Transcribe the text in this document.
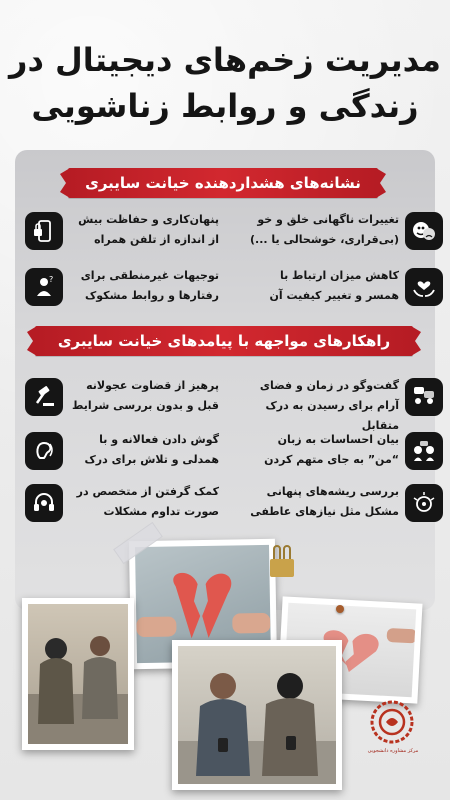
مدیریت زخم‌های دیجیتال در
زندگی و روابط زناشویی
نشانه‌های هشداردهنده خیانت سایبری
تغییرات ناگهانی خلق و خو (بی‌قراری، خوشحالی یا ...)
پنهان‌کاری و حفاظت بیش از اندازه از تلفن همراه
کاهش میزان ارتباط با همسر و تغییر کیفیت آن
?	توجیهات غیرمنطقی برای رفتارها و روابط مشکوک
راهکارهای مواجهه با پیامدهای خیانت سایبری
گفت‌وگو در زمان و فضای آرام برای رسیدن به درک متقابل
پرهیز از قضاوت عجولانه قبل و بدون بررسی شرایط
بیان احساسات به زبان “من” به جای متهم کردن
گوش دادن فعالانه و با همدلی و تلاش برای درک
بررسی ریشه‌های پنهانی مشکل مثل نیازهای عاطفی
کمک گرفتن از متخصص در صورت تداوم مشکلات
مرکز مشاوره دانشجویی
